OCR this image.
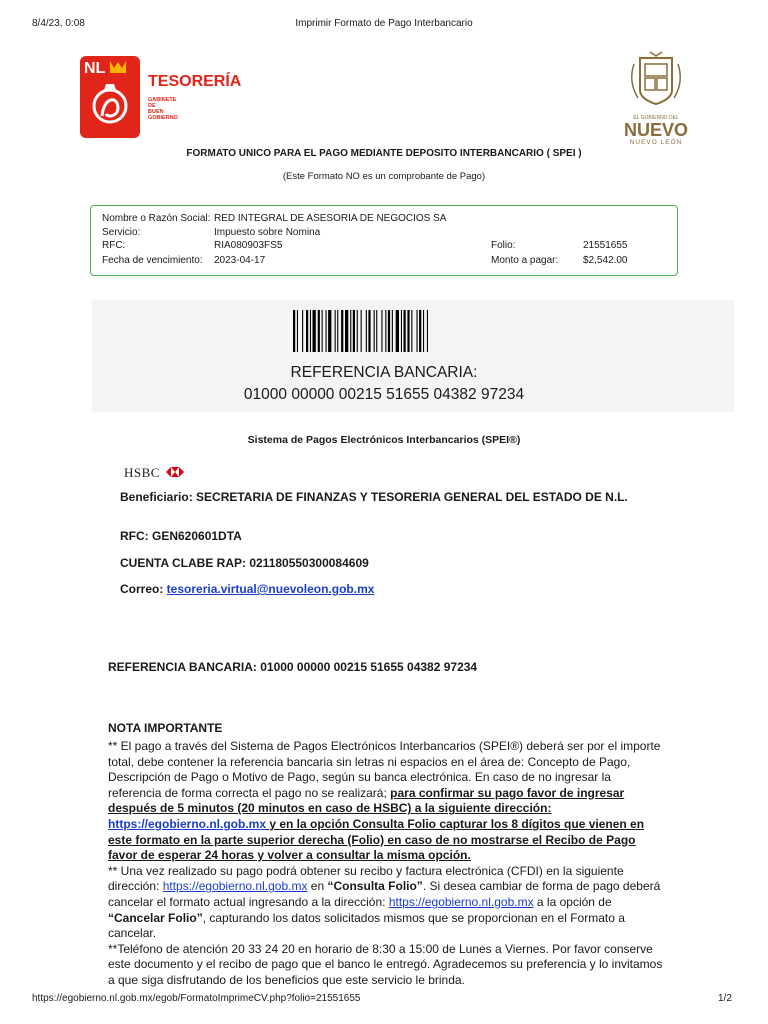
8/4/23, 0:08	Imprimir Formato de Pago Interbancario
NL
TESORERÍA
GABINETE DE
BUEN GOBIERNO	EL GOBIERNO DEL
NUEVO
NUEVO LEÓN
FORMATO UNICO PARA EL PAGO MEDIANTE DEPOSITO INTERBANCARIO ( SPEI )
(Este Formato NO es un comprobante de Pago)
Nombre o Razón Social: RED INTEGRAL DE ASESORIA DE NEGOCIOS SA
Servicio:	Impuesto sobre Nomina
RFC:	RIA080903FS5	Folio:	21551655
Fecha de vencimiento: 2023-04-17	Monto a pagar: $2,542.00
REFERENCIA BANCARIA:
01000 00000 00215 51655 04382 97234
Sistema de Pagos Electrónicos Interbancarios (SPEI®)
HSBC
Beneficiario: SECRETARIA DE FINANZAS Y TESORERIA GENERAL DEL ESTADO DE N.L.
RFC: GEN620601DTA
CUENTA CLABE RAP: 021180550300084609
Correo: tesoreria.virtual@nuevoleon.gob.mx
REFERENCIA BANCARIA: 01000 00000 00215 51655 04382 97234
NOTA IMPORTANTE

** El pago a través del Sistema de Pagos Electrónicos Interbancarios (SPEI®) deberá ser por el importe total, debe contener la referencia bancaria sin letras ni espacios en el área de: Concepto de Pago, Descripción de Pago o Motivo de Pago, según su banca electrónica. En caso de no ingresar la referencia de forma correcta el pago no se realizará; para confirmar su pago favor de ingresar después de 5 minutos (20 minutos en caso de HSBC) a la siguiente dirección: https://egobierno.nl.gob.mx y en la opción Consulta Folio capturar los 8 dígitos que vienen en este formato en la parte superior derecha (Folio) en caso de no mostrarse el Recibo de Pago favor de esperar 24 horas y volver a consultar la misma opción.

** Una vez realizado su pago podrá obtener su recibo y factura electrónica (CFDI) en la siguiente dirección: https://egobierno.nl.gob.mx en “Consulta Folio”. Si desea cambiar de forma de pago deberá cancelar el formato actual ingresando a la dirección: https://egobierno.nl.gob.mx a la opción de “Cancelar Folio”, capturando los datos solicitados mismos que se proporcionan en el Formato a cancelar.

**Teléfono de atención 20 33 24 20 en horario de 8:30 a 15:00 de Lunes a Viernes. Por favor conserve este documento y el recibo de pago que el banco le entregó. Agradecemos su preferencia y lo invitamos a que siga disfrutando de los beneficios que este servicio le brinda.

https://egobierno.nl.gob.mx/egob/FormatoImprimeCV.php?folio=21551655	1/2
